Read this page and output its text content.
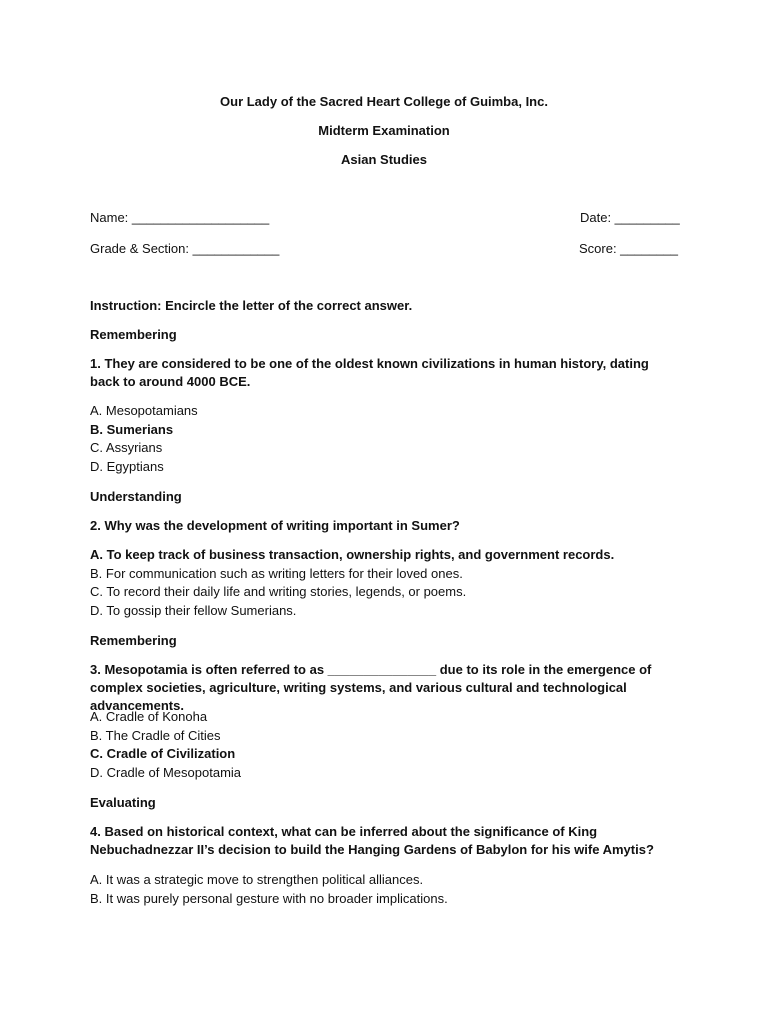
Our Lady of the Sacred Heart College of Guimba, Inc.
Midterm Examination
Asian Studies
Name: ___________________	Date: _________
Grade & Section: ____________	Score: ________
Instruction: Encircle the letter of the correct answer.
Remembering
1. They are considered to be one of the oldest known civilizations in human history, dating back to around 4000 BCE.
A. Mesopotamians
B. Sumerians
C. Assyrians
D. Egyptians
Understanding
2. Why was the development of writing important in Sumer?
A. To keep track of business transaction, ownership rights, and government records.
B. For communication such as writing letters for their loved ones.
C. To record their daily life and writing stories, legends, or poems.
D. To gossip their fellow Sumerians.
Remembering
3. Mesopotamia is often referred to as _______________ due to its role in the emergence of complex societies, agriculture, writing systems, and various cultural and technological advancements.
A. Cradle of Konoha
B. The Cradle of Cities
C. Cradle of Civilization
D. Cradle of Mesopotamia
Evaluating
4. Based on historical context, what can be inferred about the significance of King Nebuchadnezzar II’s decision to build the Hanging Gardens of Babylon for his wife Amytis?
A. It was a strategic move to strengthen political alliances.
B. It was purely personal gesture with no broader implications.
